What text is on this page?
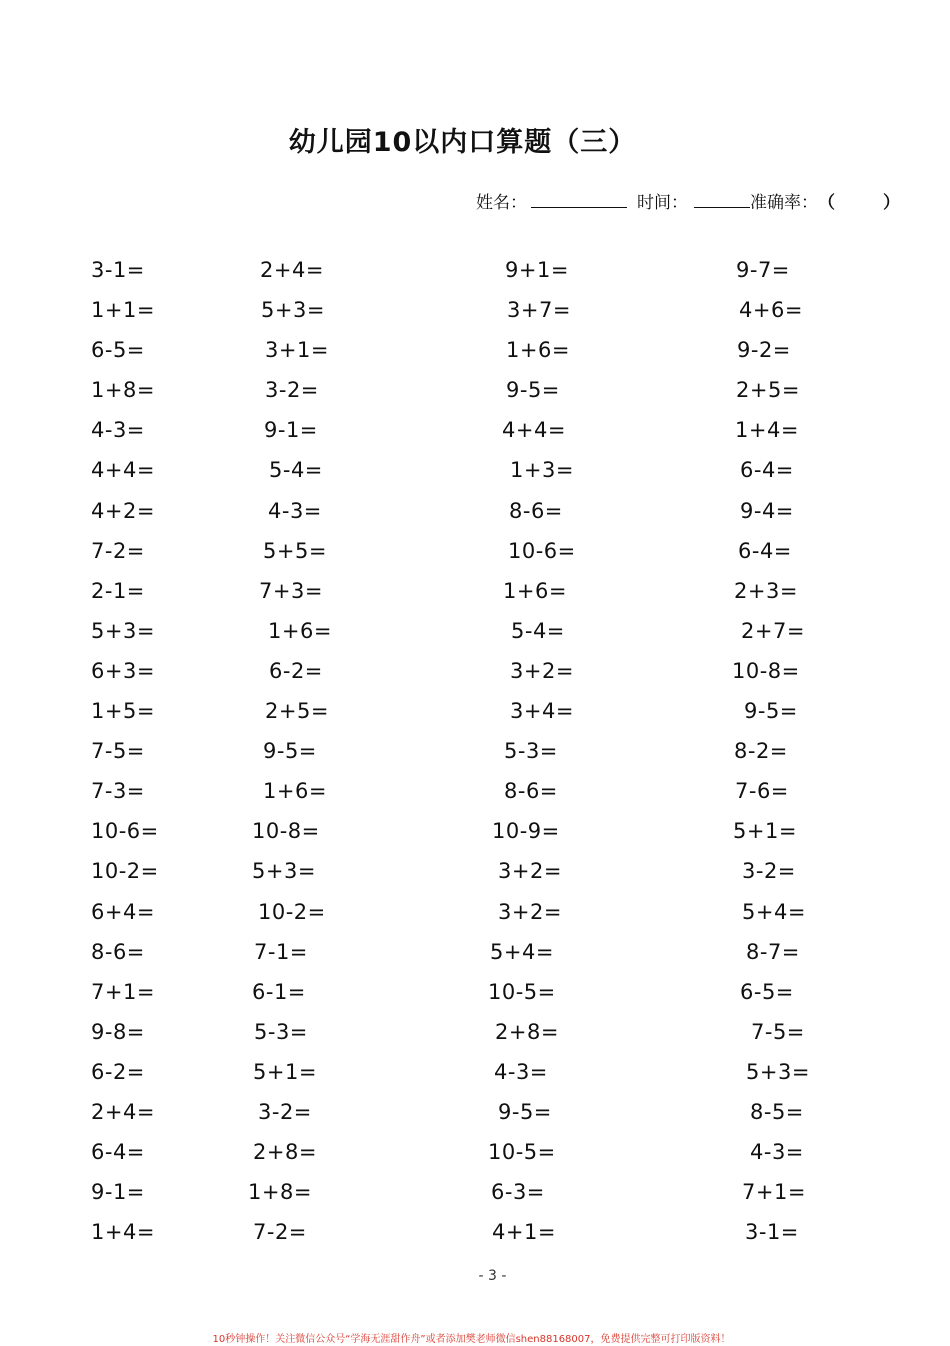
幼儿园10以内口算题（三）
姓名：	时间：	准确率：（	）
3-1=	2+4=	9+1=	9-7=
1+1=	5+3=	3+7=	4+6=
6-5=	3+1=	1+6=	9-2=
1+8=	3-2=	9-5=	2+5=
4-3=	9-1=	4+4=	1+4=
4+4=	5-4=	1+3=	6-4=
4+2=	4-3=	8-6=	9-4=
7-2=	5+5=	10-6=	6-4=
2-1=	7+3=	1+6=	2+3=
5+3=	1+6=	5-4=	2+7=
6+3=	6-2=	3+2=	10-8=
1+5=	2+5=	3+4=	9-5=
7-5=	9-5=	5-3=	8-2=
7-3=	1+6=	8-6=	7-6=
10-6=	10-8=	10-9=	5+1=
10-2=	5+3=	3+2=	3-2=
6+4=	10-2=	3+2=	5+4=
8-6=	7-1=	5+4=	8-7=
7+1=	6-1=	10-5=	6-5=
9-8=	5-3=	2+8=	7-5=
6-2=	5+1=	4-3=	5+3=
2+4=	3-2=	9-5=	8-5=
6-4=	2+8=	10-5=	4-3=
9-1=	1+8=	6-3=	7+1=
1+4=	7-2=	4+1=	3-1=
- 3 -
10秒钟操作！关注微信公众号“学海无涯甜作舟”或者添加樊老师微信shen88168007，免费提供完整可打印版资料！
